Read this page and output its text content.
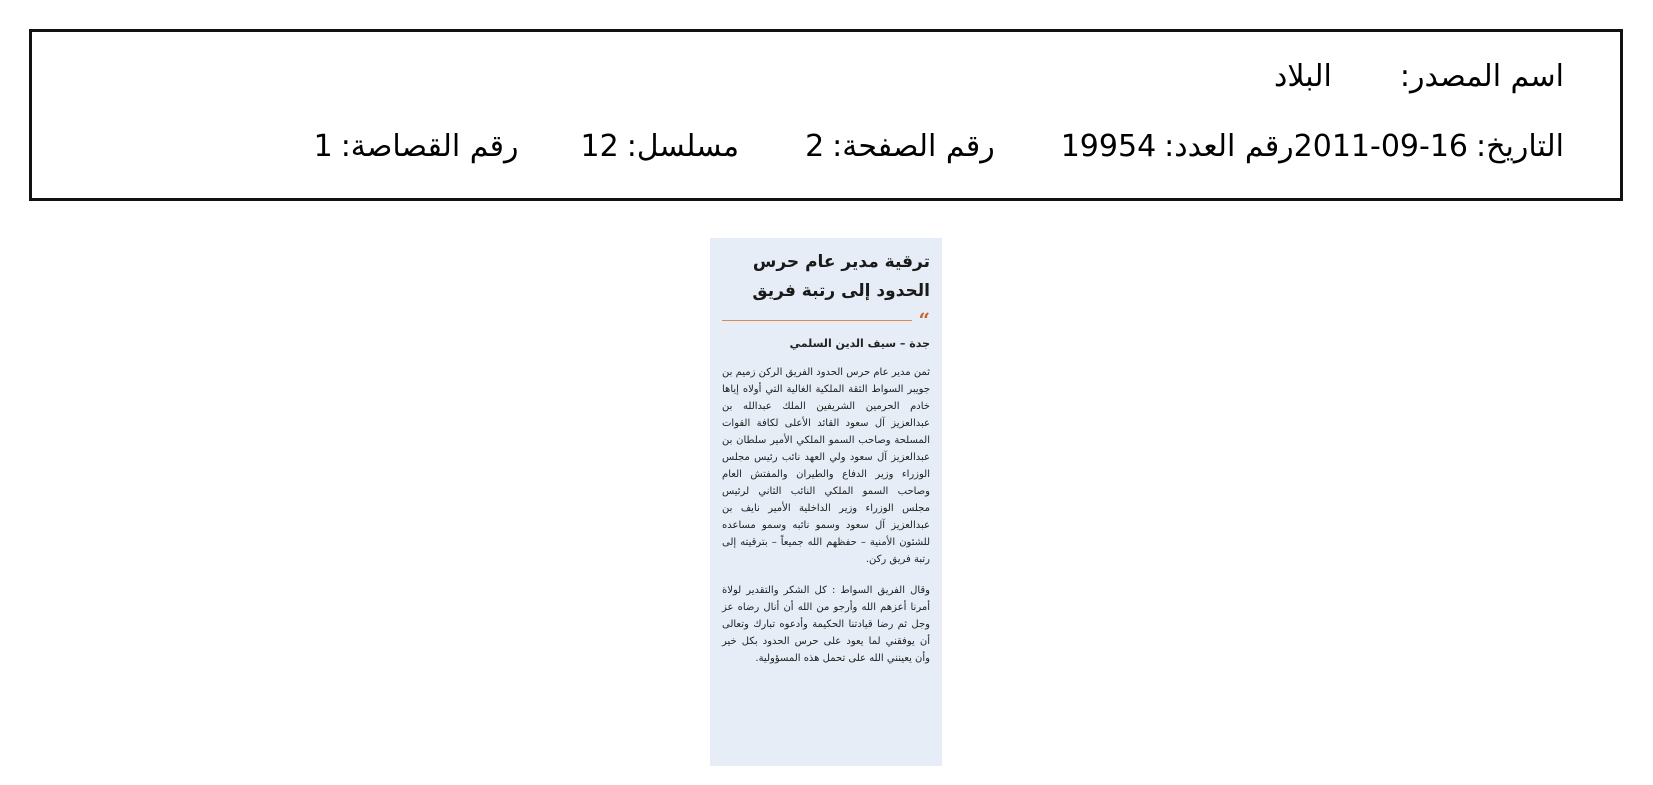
اسم المصدر
:
البلاد
التاريخ:
2011-09-16
رقم العدد:
19954
رقم الصفحة:
2
مسلسل:
12
رقم القصاصة:
1
ترقية مدير عام حرس
الحدود إلى رتبة فريق
“
جدة – سيف الدين السلمي
ثمن مدير عام حرس الحدود الفريق الركن زميم بن جويبر السواط الثقة الملكية الغالية التي أولاه إياها خادم الحرمين الشريفين الملك عبدالله بن عبدالعزيز آل سعود القائد الأعلى لكافة القوات المسلحة وصاحب السمو الملكي الأمير سلطان بن عبدالعزيز آل سعود ولي العهد نائب رئيس مجلس الوزراء وزير الدفاع والطيران والمفتش العام وصاحب السمو الملكي النائب الثاني لرئيس مجلس الوزراء وزير الداخلية الأمير نايف بن عبدالعزيز آل سعود وسمو نائبه وسمو مساعده للشئون الأمنية – حفظهم الله جميعاً – بترقيته إلى رتبة فريق ركن.
وقال الفريق السواط : كل الشكر والتقدير لولاة أمرنا أعزهم الله وأرجو من الله أن أنال رضاه عز وجل ثم رضا قيادتنا الحكيمة وأدعوه تبارك وتعالى أن يوفقني لما يعود على حرس الحدود بكل خير وأن يعينني الله على تحمل هذه المسؤولية.
